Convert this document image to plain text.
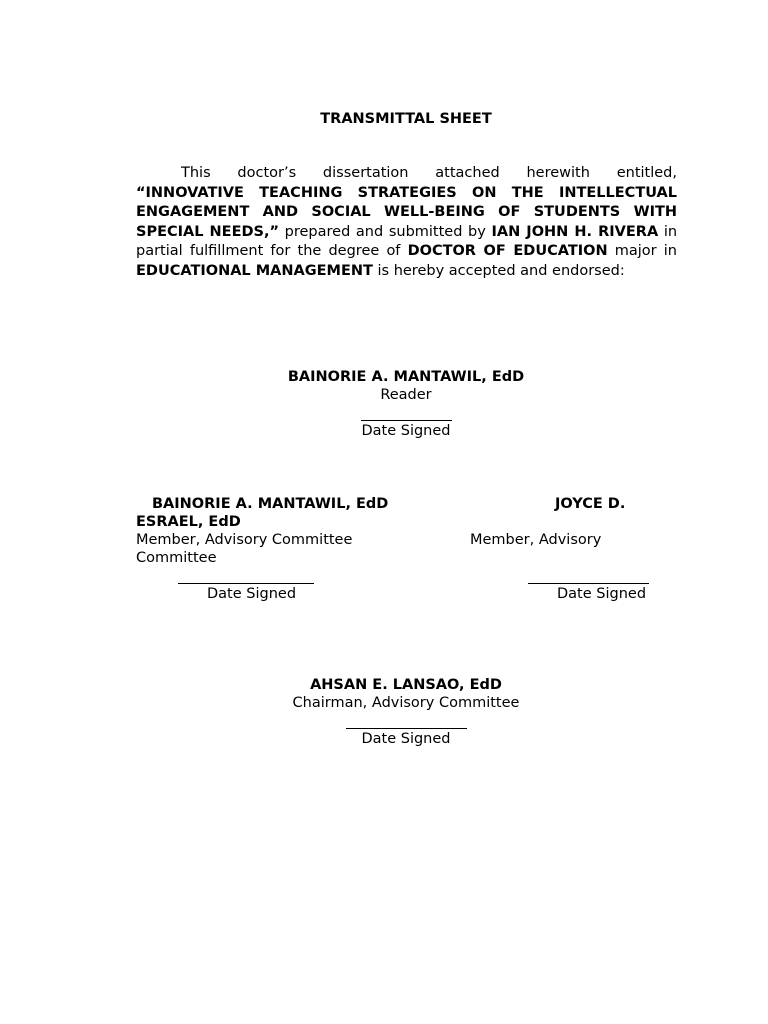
TRANSMITTAL SHEET
This doctor’s dissertation attached herewith entitled, “INNOVATIVE TEACHING STRATEGIES ON THE INTELLECTUAL ENGAGEMENT AND SOCIAL WELL-BEING OF STUDENTS WITH SPECIAL NEEDS,” prepared and submitted by IAN JOHN H. RIVERA in partial fulfillment for the degree of DOCTOR OF EDUCATION major in EDUCATIONAL MANAGEMENT is hereby accepted and endorsed:
BAINORIE A. MANTAWIL, EdD
Reader
Date Signed
BAINORIE A. MANTAWIL, EdD
ESRAEL, EdD
Member, Advisory Committee
Committee
Date Signed
JOYCE D.
Member, Advisory
Date Signed
AHSAN E. LANSAO, EdD
Chairman, Advisory Committee
Date Signed
